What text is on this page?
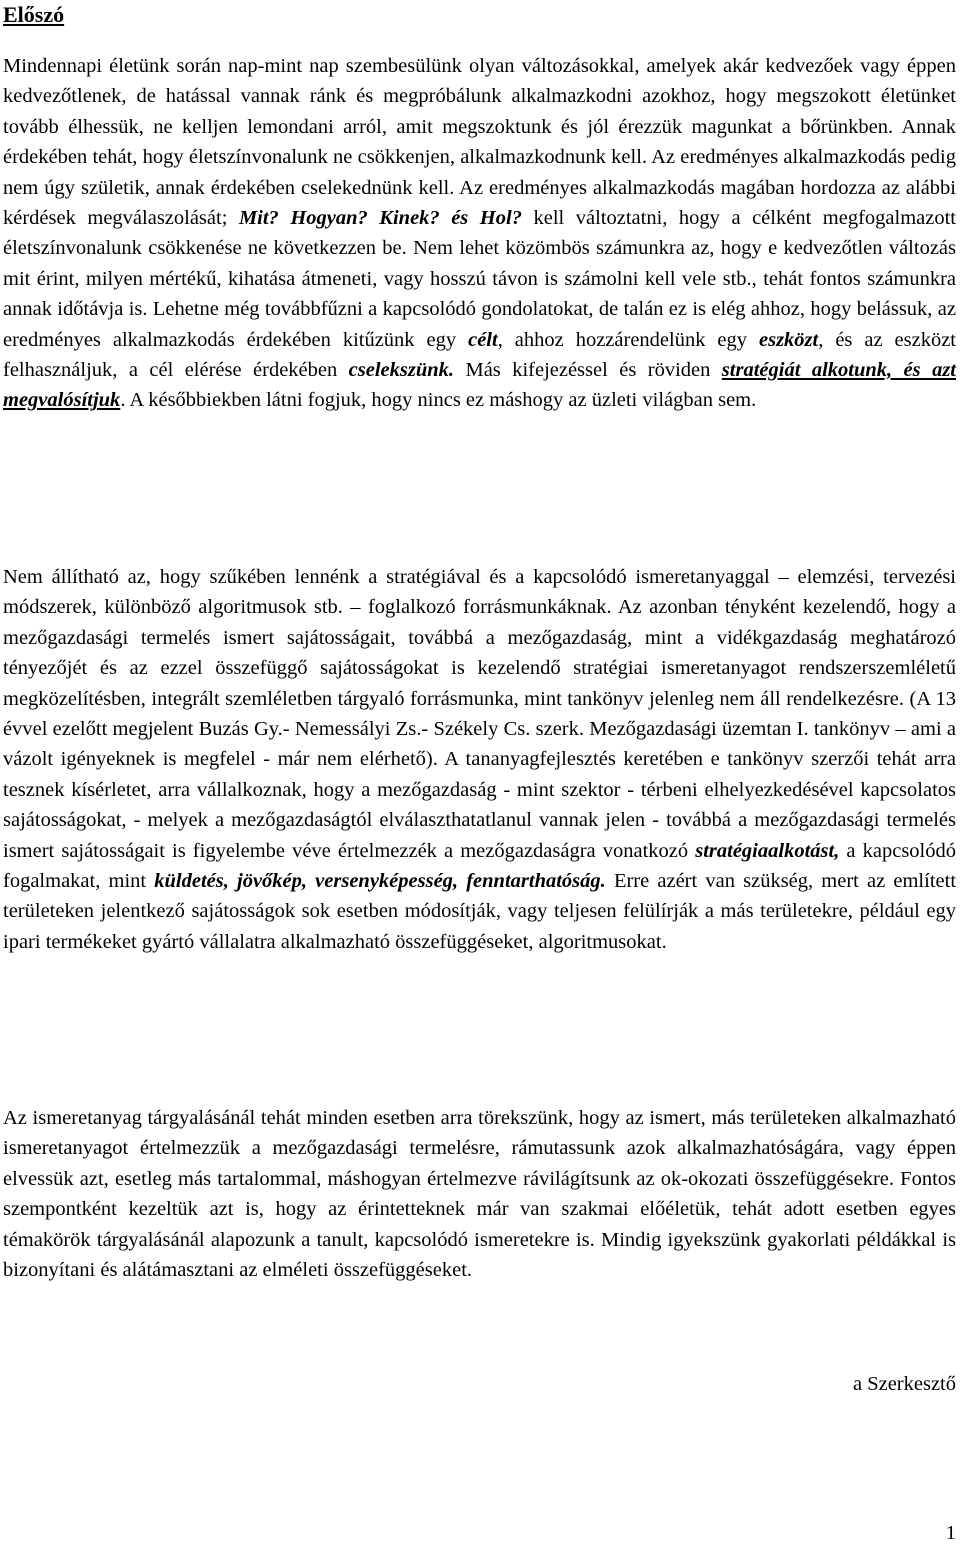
Előszó

Mindennapi életünk során nap-mint nap szembesülünk olyan változásokkal, amelyek akár kedvezőek vagy éppen kedvezőtlenek, de hatással vannak ránk és megpróbálunk alkalmazkodni azokhoz, hogy megszokott életünket tovább élhessük, ne kelljen lemondani arról, amit megszoktunk és jól érezzük magunkat a bőrünkben. Annak érdekében tehát, hogy életszínvonalunk ne csökkenjen, alkalmazkodnunk kell. Az eredményes alkalmazkodás pedig nem úgy születik, annak érdekében cselekednünk kell. Az eredményes alkalmazkodás magában hordozza az alábbi kérdések megválaszolását; Mit? Hogyan? Kinek? és Hol? kell változtatni, hogy a célként megfogalmazott életszínvonalunk csökkenése ne következzen be. Nem lehet közömbös számunkra az, hogy e kedvezőtlen változás mit érint, milyen mértékű, kihatása átmeneti, vagy hosszú távon is számolni kell vele stb., tehát fontos számunkra annak időtávja is. Lehetne még továbbfűzni a kapcsolódó gondolatokat, de talán ez is elég ahhoz, hogy belássuk, az eredményes alkalmazkodás érdekében kitűzünk egy célt, ahhoz hozzárendelünk egy eszközt, és az eszközt felhasználjuk, a cél elérése érdekében cselekszünk. Más kifejezéssel és röviden stratégiát alkotunk, és azt megvalósítjuk. A későbbiekben látni fogjuk, hogy nincs ez máshogy az üzleti világban sem.

Nem állítható az, hogy szűkében lennénk a stratégiával és a kapcsolódó ismeretanyaggal – elemzési, tervezési módszerek, különböző algoritmusok stb. – foglalkozó forrásmunkáknak. Az azonban tényként kezelendő, hogy a mezőgazdasági termelés ismert sajátosságait, továbbá a mezőgazdaság, mint a vidékgazdaság meghatározó tényezőjét és az ezzel összefüggő sajátosságokat is kezelendő stratégiai ismeretanyagot rendszerszemléletű megközelítésben, integrált szemléletben tárgyaló forrásmunka, mint tankönyv jelenleg nem áll rendelkezésre. (A 13 évvel ezelőtt megjelent Buzás Gy.- Nemessályi Zs.- Székely Cs. szerk. Mezőgazdasági üzemtan I. tankönyv – ami a vázolt igényeknek is megfelel - már nem elérhető). A tananyagfejlesztés keretében e tankönyv szerzői tehát arra tesznek kísérletet, arra vállalkoznak, hogy a mezőgazdaság - mint szektor - térbeni elhelyezkedésével kapcsolatos sajátosságokat, - melyek a mezőgazdaságtól elválaszthatatlanul vannak jelen - továbbá a mezőgazdasági termelés ismert sajátosságait is figyelembe véve értelmezzék a mezőgazdaságra vonatkozó stratégiaalkotást, a kapcsolódó fogalmakat, mint küldetés, jövőkép, versenyképesség, fenntarthatóság. Erre azért van szükség, mert az említett területeken jelentkező sajátosságok sok esetben módosítják, vagy teljesen felülírják a más területekre, például egy ipari termékeket gyártó vállalatra alkalmazható összefüggéseket, algoritmusokat.

Az ismeretanyag tárgyalásánál tehát minden esetben arra törekszünk, hogy az ismert, más területeken alkalmazható ismeretanyagot értelmezzük a mezőgazdasági termelésre, rámutassunk azok alkalmazhatóságára, vagy éppen elvessük azt, esetleg más tartalommal, máshogyan értelmezve rávilágítsunk az ok-okozati összefüggésekre. Fontos szempontként kezeltük azt is, hogy az érintetteknek már van szakmai előéletük, tehát adott esetben egyes témakörök tárgyalásánál alapozunk a tanult, kapcsolódó ismeretekre is. Mindig igyekszünk gyakorlati példákkal is bizonyítani és alátámasztani az elméleti összefüggéseket.

a Szerkesztő

1
